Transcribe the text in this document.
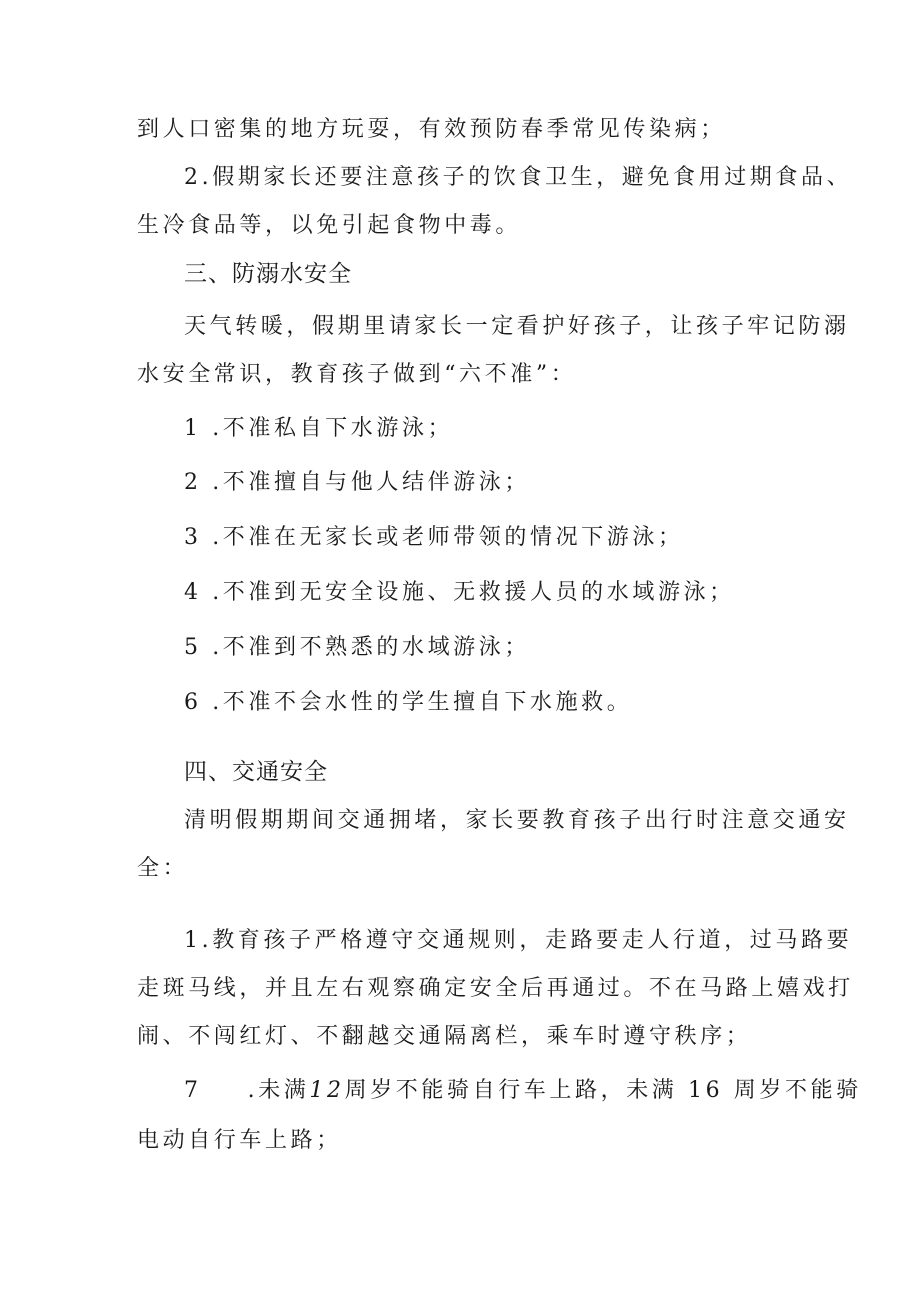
到人口密集的地方玩耍，有效预防春季常见传染病；
2.假期家长还要注意孩子的饮食卫生，避免食用过期食品、
生冷食品等，以免引起食物中毒。
三、防溺水安全
天气转暖，假期里请家长一定看护好孩子，让孩子牢记防溺
水安全常识，教育孩子做到“六不准”：
1 .不准私自下水游泳；
2 .不准擅自与他人结伴游泳；
3 .不准在无家长或老师带领的情况下游泳；
4 .不准到无安全设施、无救援人员的水域游泳；
5 .不准到不熟悉的水域游泳；
6 .不准不会水性的学生擅自下水施救。
四、交通安全
清明假期期间交通拥堵，家长要教育孩子出行时注意交通安
全：
1.教育孩子严格遵守交通规则，走路要走人行道，过马路要
走斑马线，并且左右观察确定安全后再通过。不在马路上嬉戏打
闹、不闯红灯、不翻越交通隔离栏，乘车时遵守秩序；
7 .未满12周岁不能骑自行车上路，未满 16 周岁不能骑
电动自行车上路；
